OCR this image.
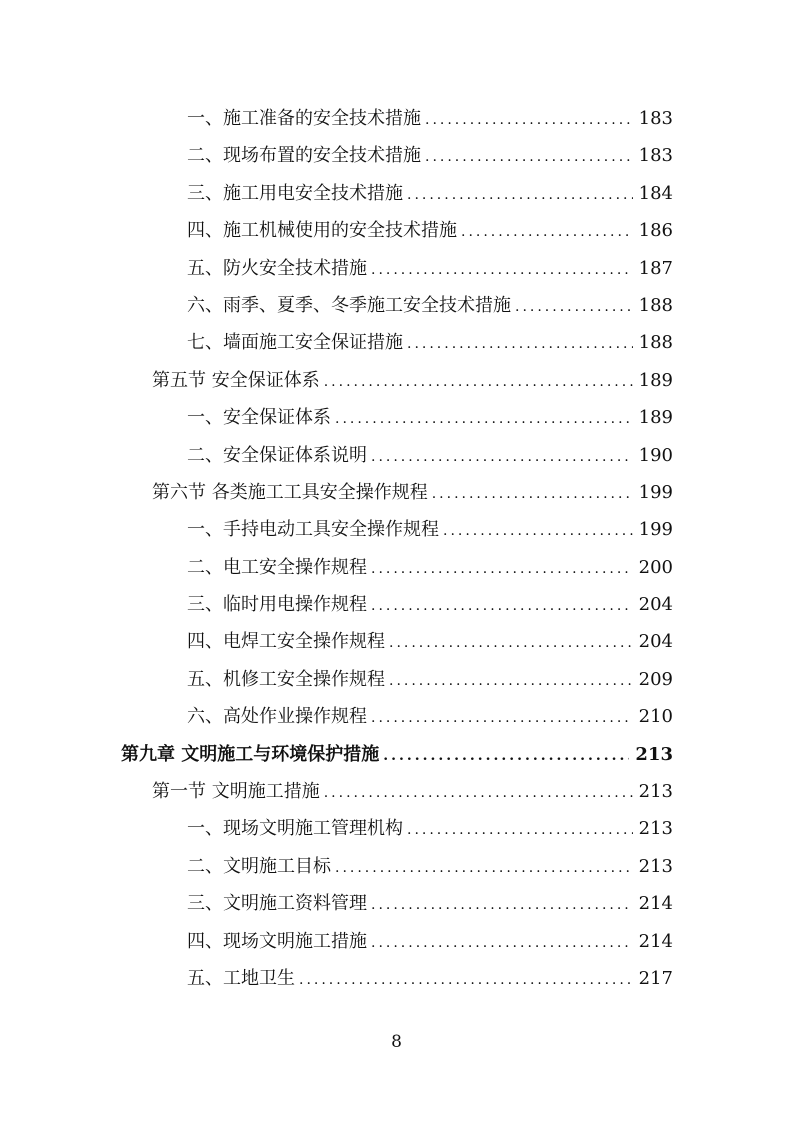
一、施工准备的安全技术措施 .....	183
二、现场布置的安全技术措施 .....	183
三、施工用电安全技术措施 .....	184
四、施工机械使用的安全技术措施 .....	186
五、防火安全技术措施 .....	187
六、雨季、夏季、冬季施工安全技术措施 .....	188
七、墙面施工安全保证措施 .....	188
第五节 安全保证体系 .....	189
一、安全保证体系 .....	189
二、安全保证体系说明 .....	190
第六节 各类施工工具安全操作规程 .....	199
一、手持电动工具安全操作规程 .....	199
二、电工安全操作规程 .....	200
三、临时用电操作规程 .....	204
四、电焊工安全操作规程 .....	204
五、机修工安全操作规程 .....	209
六、高处作业操作规程 .....	210
第九章 文明施工与环境保护措施 .....	213
第一节 文明施工措施 .....	213
一、现场文明施工管理机构 .....	213
二、文明施工目标 .....	213
三、文明施工资料管理 .....	214
四、现场文明施工措施 .....	214
五、工地卫生 .....	217
8
